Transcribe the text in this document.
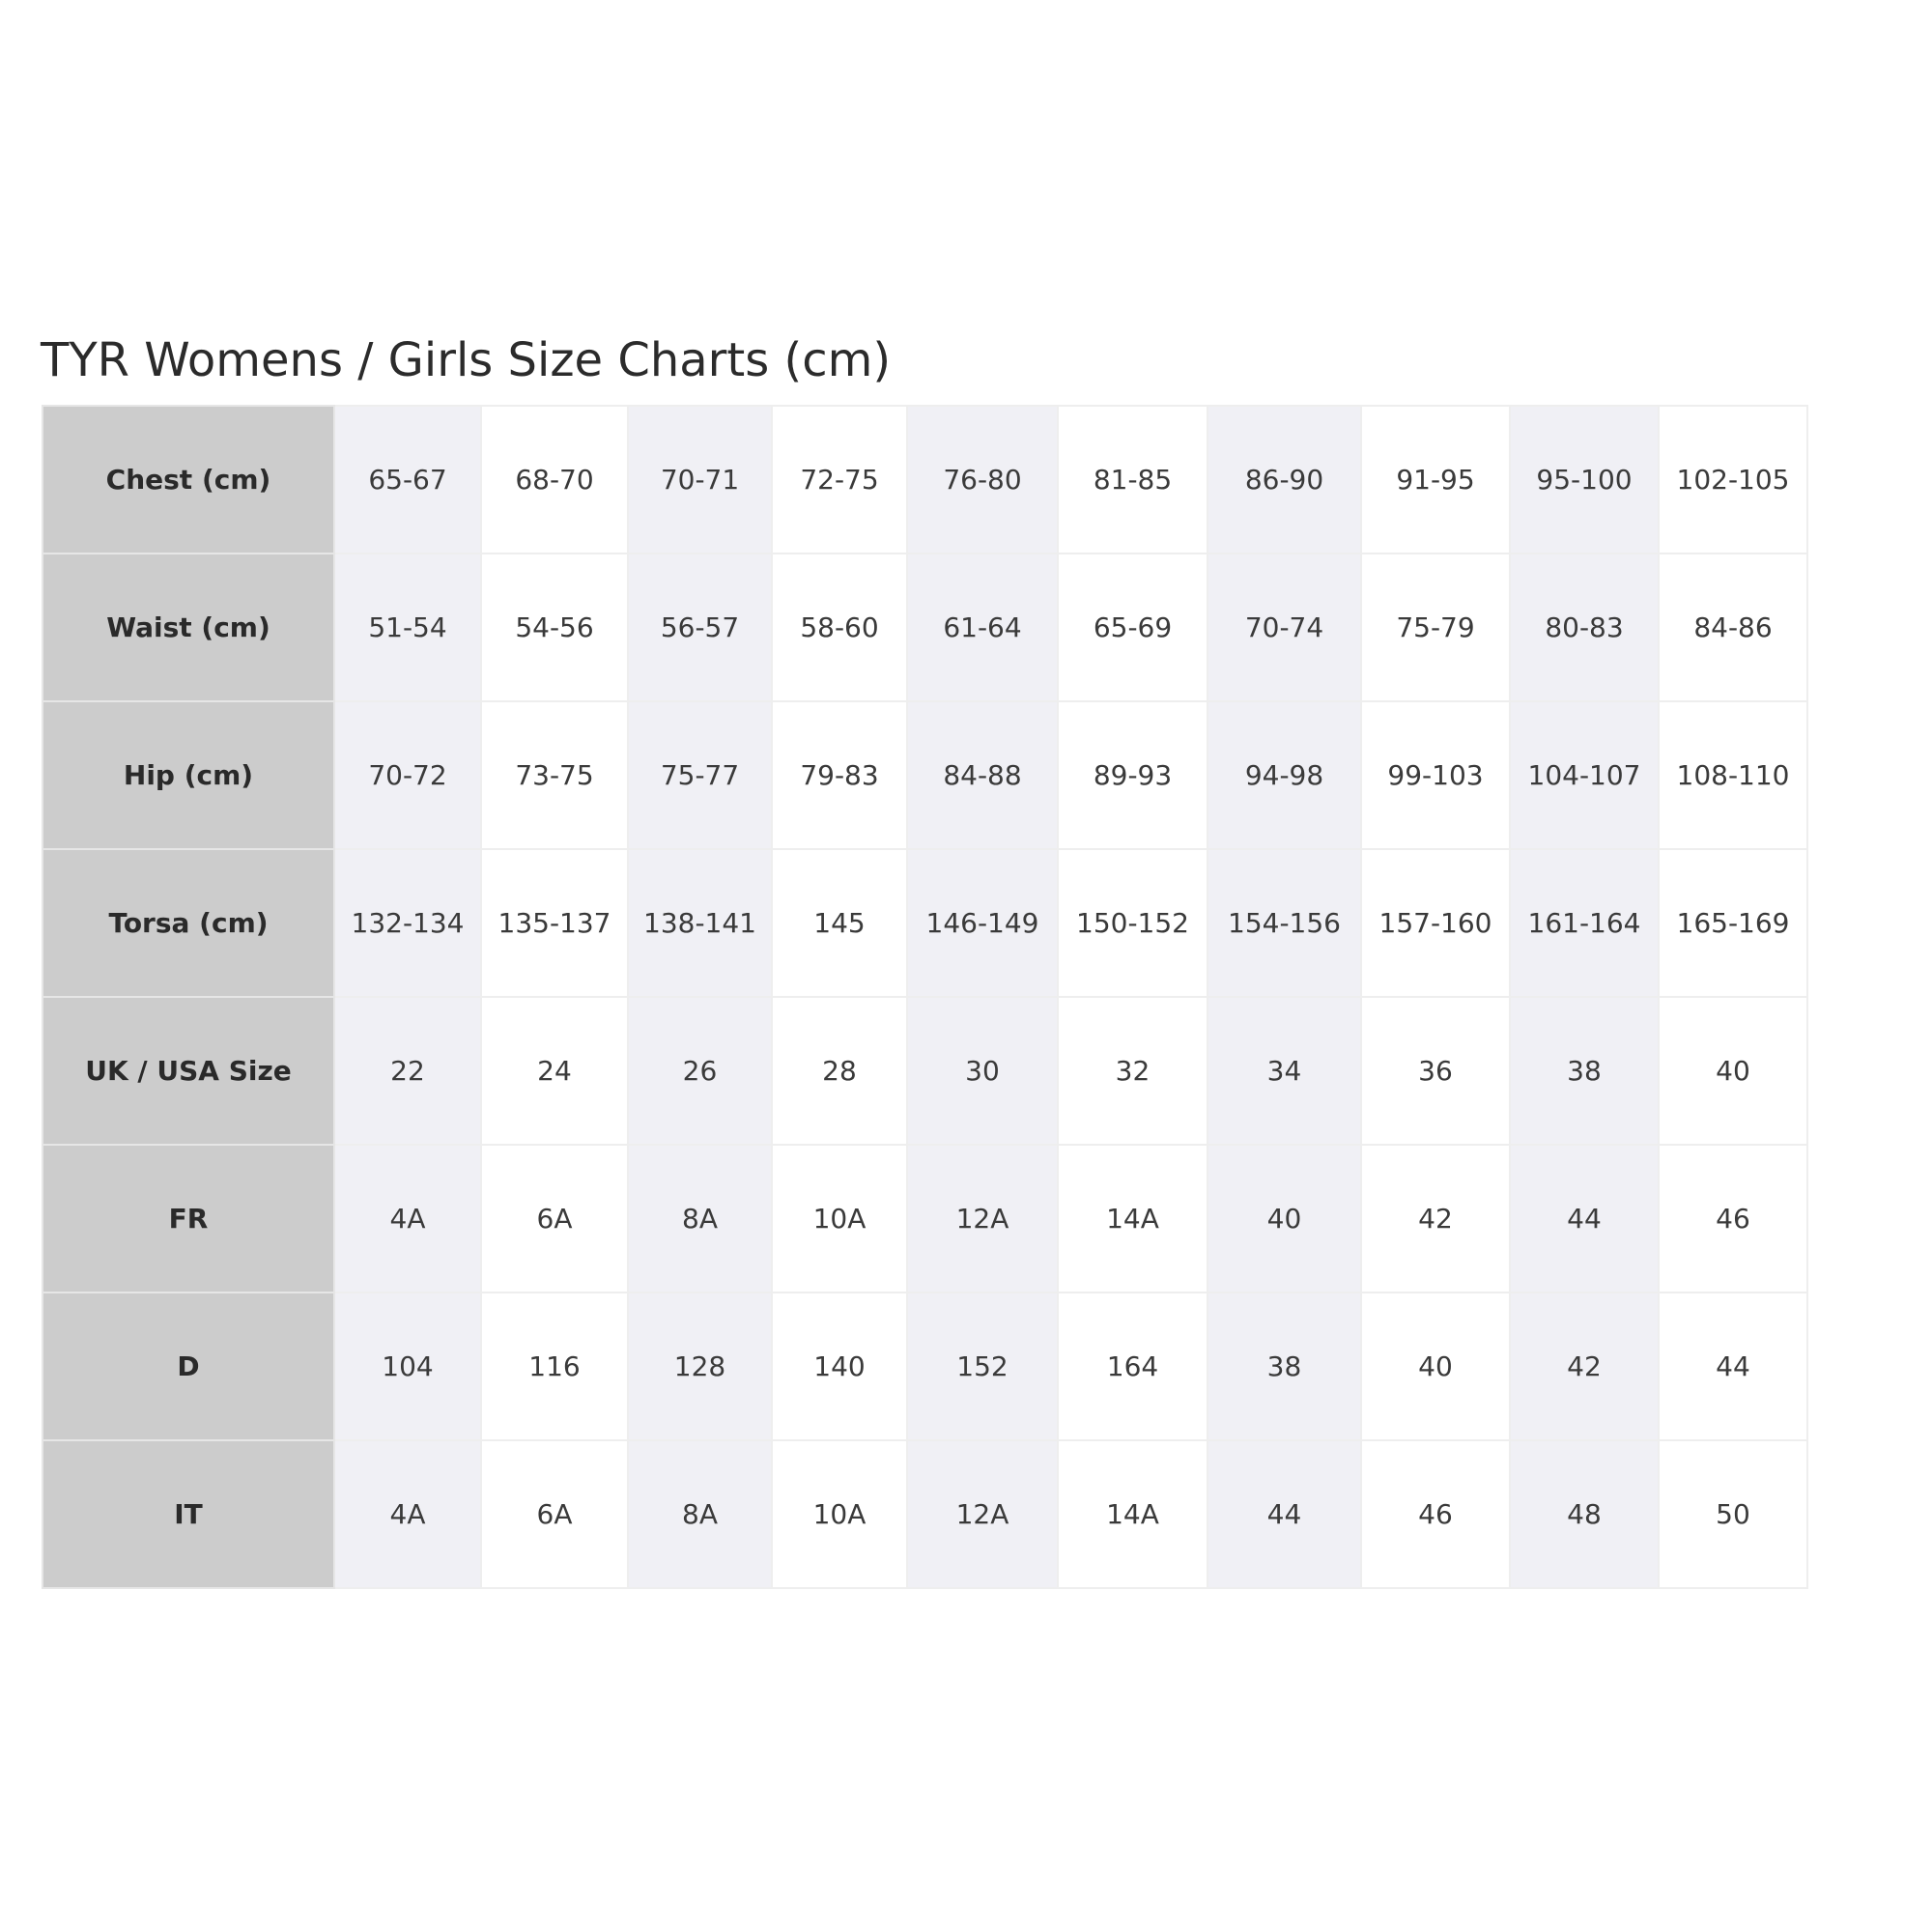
TYR Womens / Girls Size Charts (cm)
Chest (cm)	65-67	68-70	70-71	72-75	76-80	81-85	86-90	91-95	95-100	102-105
Waist (cm)	51-54	54-56	56-57	58-60	61-64	65-69	70-74	75-79	80-83	84-86
Hip (cm)	70-72	73-75	75-77	79-83	84-88	89-93	94-98	99-103	104-107	108-110
Torsa (cm)	132-134	135-137	138-141	145	146-149	150-152	154-156	157-160	161-164	165-169
UK / USA Size	22	24	26	28	30	32	34	36	38	40
FR	4A	6A	8A	10A	12A	14A	40	42	44	46
D	104	116	128	140	152	164	38	40	42	44
IT	4A	6A	8A	10A	12A	14A	44	46	48	50
